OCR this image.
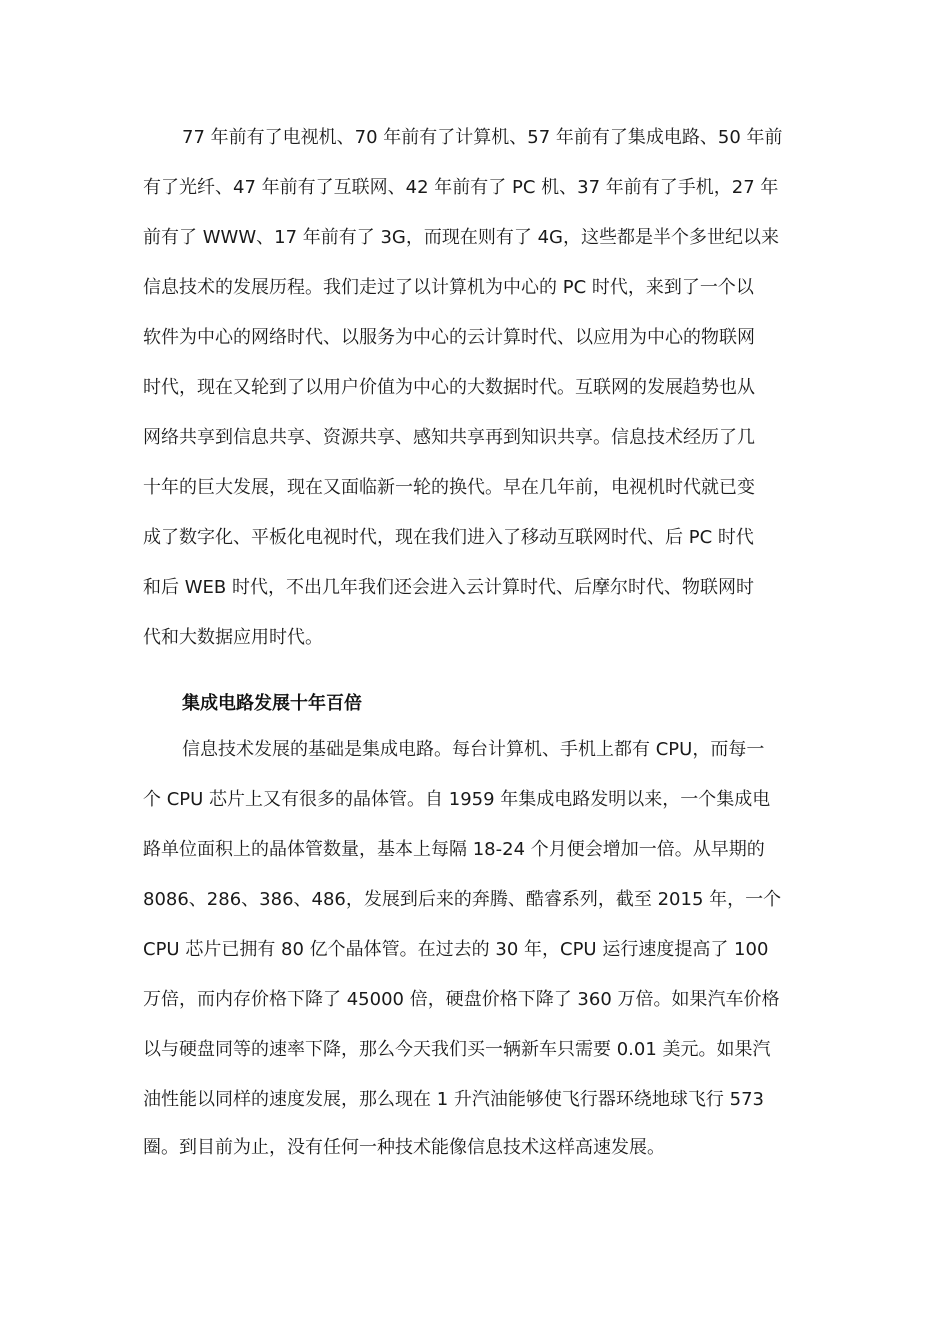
77 年前有了电视机、70 年前有了计算机、57 年前有了集成电路、50 年前
有了光纤、47 年前有了互联网、42 年前有了 PC 机、37 年前有了手机，27 年
前有了 WWW、17 年前有了 3G，而现在则有了 4G，这些都是半个多世纪以来
信息技术的发展历程。我们走过了以计算机为中心的 PC 时代，来到了一个以
软件为中心的网络时代、以服务为中心的云计算时代、以应用为中心的物联网
时代，现在又轮到了以用户价值为中心的大数据时代。互联网的发展趋势也从
网络共享到信息共享、资源共享、感知共享再到知识共享。信息技术经历了几
十年的巨大发展，现在又面临新一轮的换代。早在几年前，电视机时代就已变
成了数字化、平板化电视时代，现在我们进入了移动互联网时代、后 PC 时代
和后 WEB 时代，不出几年我们还会进入云计算时代、后摩尔时代、物联网时
代和大数据应用时代。
集成电路发展十年百倍
信息技术发展的基础是集成电路。每台计算机、手机上都有 CPU，而每一
个 CPU 芯片上又有很多的晶体管。自 1959 年集成电路发明以来，一个集成电
路单位面积上的晶体管数量，基本上每隔 18-24 个月便会增加一倍。从早期的
8086、286、386、486，发展到后来的奔腾、酷睿系列，截至 2015 年，一个
CPU 芯片已拥有 80 亿个晶体管。在过去的 30 年，CPU 运行速度提高了 100
万倍，而内存价格下降了 45000 倍，硬盘价格下降了 360 万倍。如果汽车价格
以与硬盘同等的速率下降，那么今天我们买一辆新车只需要 0.01 美元。如果汽
油性能以同样的速度发展，那么现在 1 升汽油能够使飞行器环绕地球飞行 573
圈。到目前为止，没有任何一种技术能像信息技术这样高速发展。
